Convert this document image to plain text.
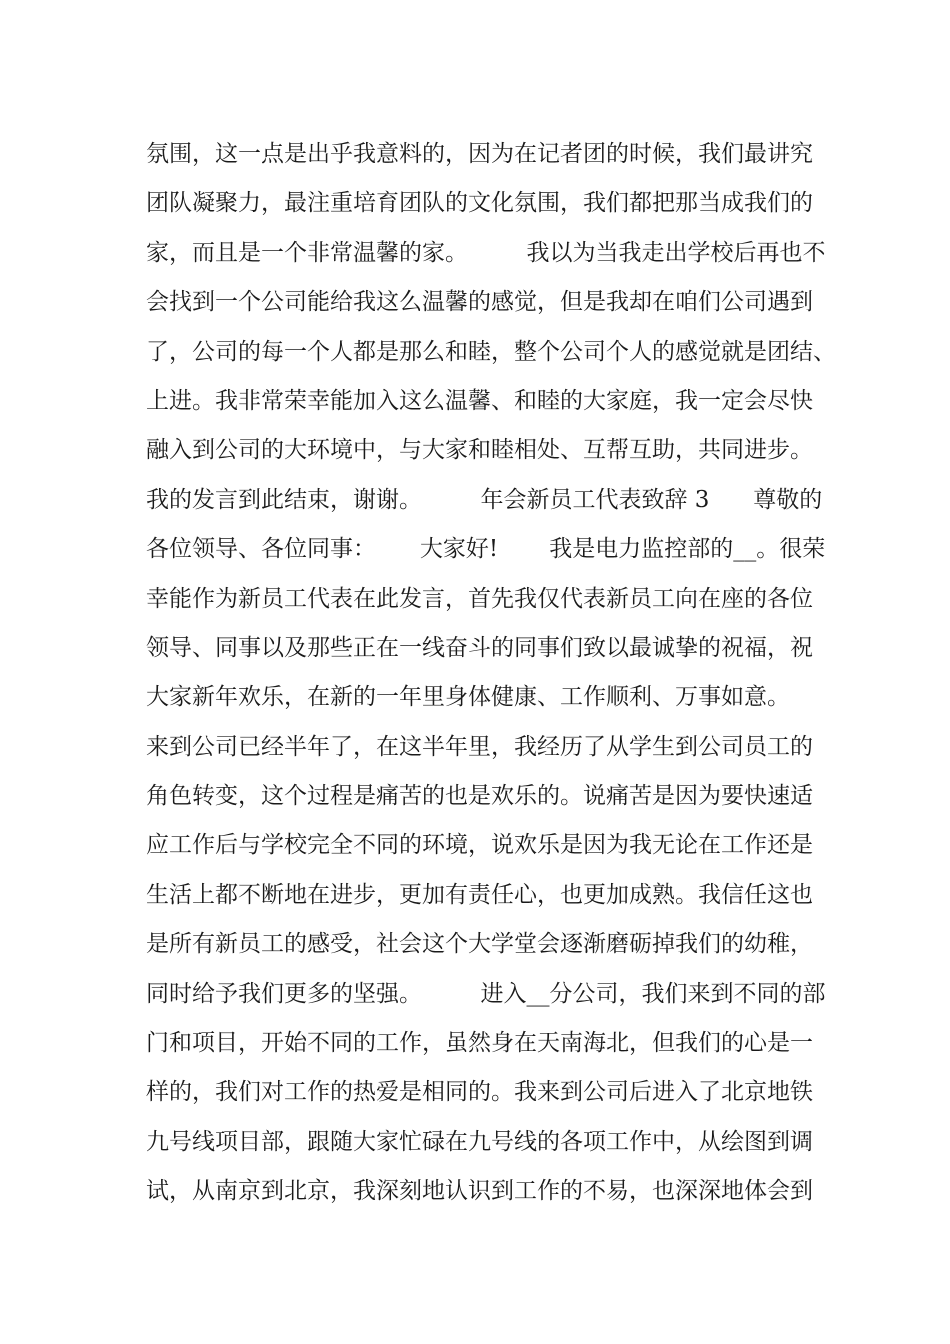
氛围，这一点是出乎我意料的，因为在记者团的时候，我们最讲究
团队凝聚力，最注重培育团队的文化氛围，我们都把那当成我们的
家，而且是一个非常温馨的家。        我以为当我走出学校后再也不
会找到一个公司能给我这么温馨的感觉，但是我却在咱们公司遇到
了，公司的每一个人都是那么和睦，整个公司个人的感觉就是团结、
上进。我非常荣幸能加入这么温馨、和睦的大家庭，我一定会尽快
融入到公司的大环境中，与大家和睦相处、互帮互助，共同进步。
我的发言到此结束，谢谢。        年会新员工代表致辞 3      尊敬的
各位领导、各位同事：      大家好!       我是电力监控部的__。很荣
幸能作为新员工代表在此发言，首先我仅代表新员工向在座的各位
领导、同事以及那些正在一线奋斗的同事们致以最诚挚的祝福，祝
大家新年欢乐，在新的一年里身体健康、工作顺利、万事如意。
来到公司已经半年了，在这半年里，我经历了从学生到公司员工的
角色转变，这个过程是痛苦的也是欢乐的。说痛苦是因为要快速适
应工作后与学校完全不同的环境，说欢乐是因为我无论在工作还是
生活上都不断地在进步，更加有责任心，也更加成熟。我信任这也
是所有新员工的感受，社会这个大学堂会逐渐磨砺掉我们的幼稚，
同时给予我们更多的坚强。        进入__分公司，我们来到不同的部
门和项目，开始不同的工作，虽然身在天南海北，但我们的心是一
样的，我们对工作的热爱是相同的。我来到公司后进入了北京地铁
九号线项目部，跟随大家忙碌在九号线的各项工作中，从绘图到调
试，从南京到北京，我深刻地认识到工作的不易，也深深地体会到
